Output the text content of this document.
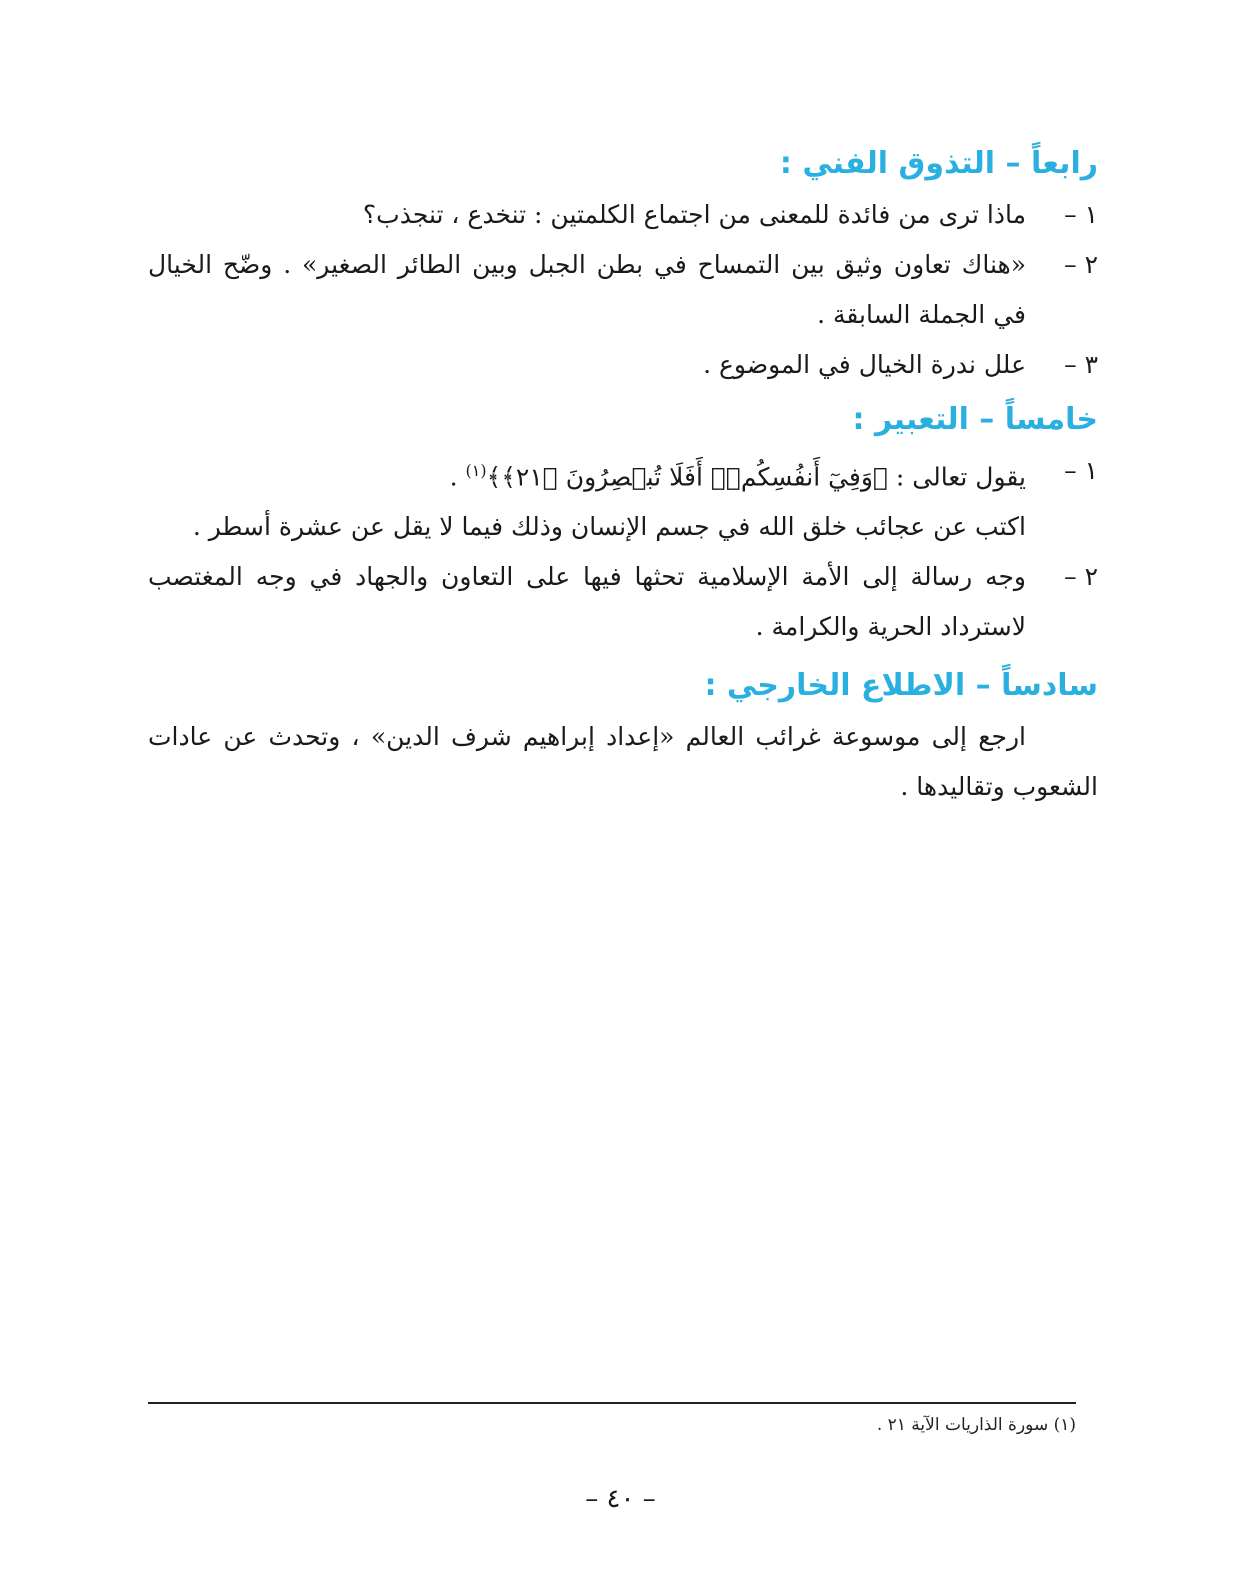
رابعاً – التذوق الفني :
١ –
ماذا ترى من فائدة للمعنى من اجتماع الكلمتين : تنخدع ، تنجذب؟
٢ –
«هناك تعاون وثيق بين التمساح في بطن الجبل وبين الطائر الصغير» . وضّح الخيال في الجملة السابقة .
٣ –
علل ندرة الخيال في الموضوع .
خامساً – التعبير :
١ –
يقول تعالى : ﴿وَفِيٓ أَنفُسِكُمۡۚ أَفَلَا تُبۡصِرُونَ ﴿٢١﴾﴾$^{(١)}$ .
اكتب عن عجائب خلق الله في جسم الإنسان وذلك فيما لا يقل عن عشرة أسطر .
٢ –
وجه رسالة إلى الأمة الإسلامية تحثها فيها على التعاون والجهاد في وجه المغتصب لاسترداد الحرية والكرامة .
سادساً – الاطلاع الخارجي :

ارجع إلى موسوعة غرائب العالم «إعداد إبراهيم شرف الدين» ، وتحدث عن عادات الشعوب وتقاليدها .

(١) سورة الذاريات الآية ٢١ .
– ٤٠ –
